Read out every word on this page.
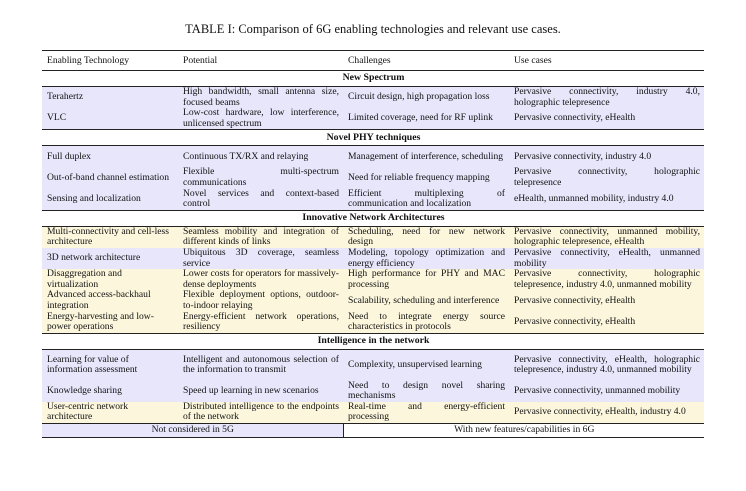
TABLE I: Comparison of 6G enabling technologies and relevant use cases.
Enabling Technology	Potential	Challenges	Use cases
New Spectrum			
Terahertz	High bandwidth, small antenna size, focused beams	Circuit design, high propagation loss	Pervasive connectivity, industry 4.0, holographic telepresence
VLC	Low-cost hardware, low interference, unlicensed spectrum	Limited coverage, need for RF uplink	Pervasive connectivity, eHealth
Novel PHY techniques			
Full duplex	Continuous TX/RX and relaying	Management of interference, scheduling	Pervasive connectivity, industry 4.0
Out-of-band channel estimation	Flexible multi-spectrum communications	Need for reliable frequency mapping	Pervasive connectivity, holographic telepresence
Sensing and localization	Novel services and context-based control	Efficient multiplexing of communication and localization	eHealth, unmanned mobility, industry 4.0
Innovative Network Architectures			
Multi-connectivity and cell-less architecture	Seamless mobility and integration of different kinds of links	Scheduling, need for new network design	Pervasive connectivity, unmanned mobility, holographic telepresence, eHealth
3D network architecture	Ubiquitous 3D coverage, seamless service	Modeling, topology optimization and energy efficiency	Pervasive connectivity, eHealth, unmanned mobility
Disaggregation and virtualization	Lower costs for operators for massively-dense deployments	High performance for PHY and MAC processing	Pervasive connectivity, holographic telepresence, industry 4.0, unmanned mobility
Advanced access-backhaul integration	Flexible deployment options, outdoor-to-indoor relaying	Scalability, scheduling and interference	Pervasive connectivity, eHealth
Energy-harvesting and low-power operations	Energy-efficient network operations, resiliency	Need to integrate energy source characteristics in protocols	Pervasive connectivity, eHealth
Intelligence in the network			
Learning for value of information assessment	Intelligent and autonomous selection of the information to transmit	Complexity, unsupervised learning	Pervasive connectivity, eHealth, holographic telepresence, industry 4.0, unmanned mobility
Knowledge sharing	Speed up learning in new scenarios	Need to design novel sharing mechanisms	Pervasive connectivity, unmanned mobility
User-centric network architecture	Distributed intelligence to the endpoints of the network	Real-time and energy-efficient processing	Pervasive connectivity, eHealth, industry 4.0
Not considered in 5G		With new features/capabilities in 6G	
